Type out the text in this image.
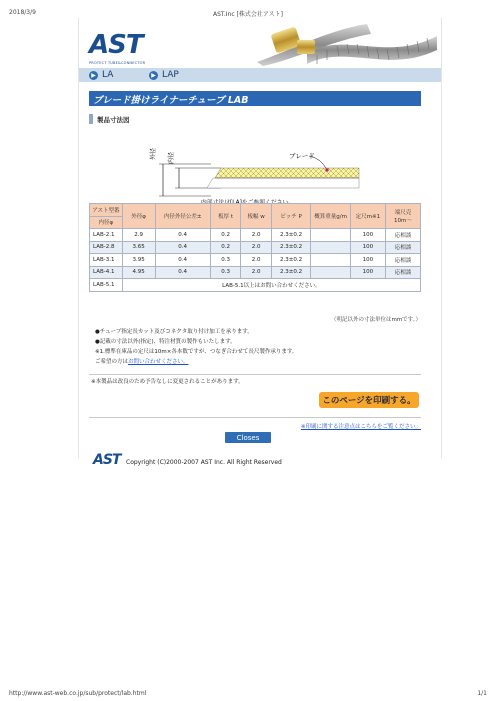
2018/3/9	AST.Inc [株式会社アスト]
AST
PROTECT TUBE&CONNECTOR
▶ LA	▶ LAP
ブレード掛けライナーチューブ LAB
製品寸法図
外径 内径	ブレード
アスト型番	外径φ	内径外径公差±	板厚 t	板幅 w	ピッチ P	概算重量g/m	定尺m※1	端尺売10m〜
内径φ								
LAB-2.1	2.9	0.4	0.2	2.0	2.3±0.2		100	応相談
LAB-2.8	3.65	0.4	0.2	2.0	2.3±0.2		100	応相談
LAB-3.1	3.95	0.4	0.3	2.0	2.3±0.2		100	応相談
LAB-4.1	4.95	0.4	0.3	2.0	2.3±0.2		100	応相談
LAB-5.1	LAB-5.1以上はお問い合わせください。							
（明記以外の寸法単位はmmです。）
●チューブ指定長カット及びコネクタ取り付け加工を承ります。
●記載の寸法以外(指定)、特注材質の製作もいたします。
※1.標準在庫品の定尺は10m×各本数ですが、つなぎ合わせて長尺製作承ります。
ご希望の方はお問い合わせください。
※本製品は改良のため予告なしに変更されることがあります。
このページを印刷する。
※印刷に関する注意点はこちらをご覧ください。
Closes
AST Copyright (C)2000-2007 AST Inc. All Right Reserved
http://www.ast-web.co.jp/sub/protect/lab.html	1/1
